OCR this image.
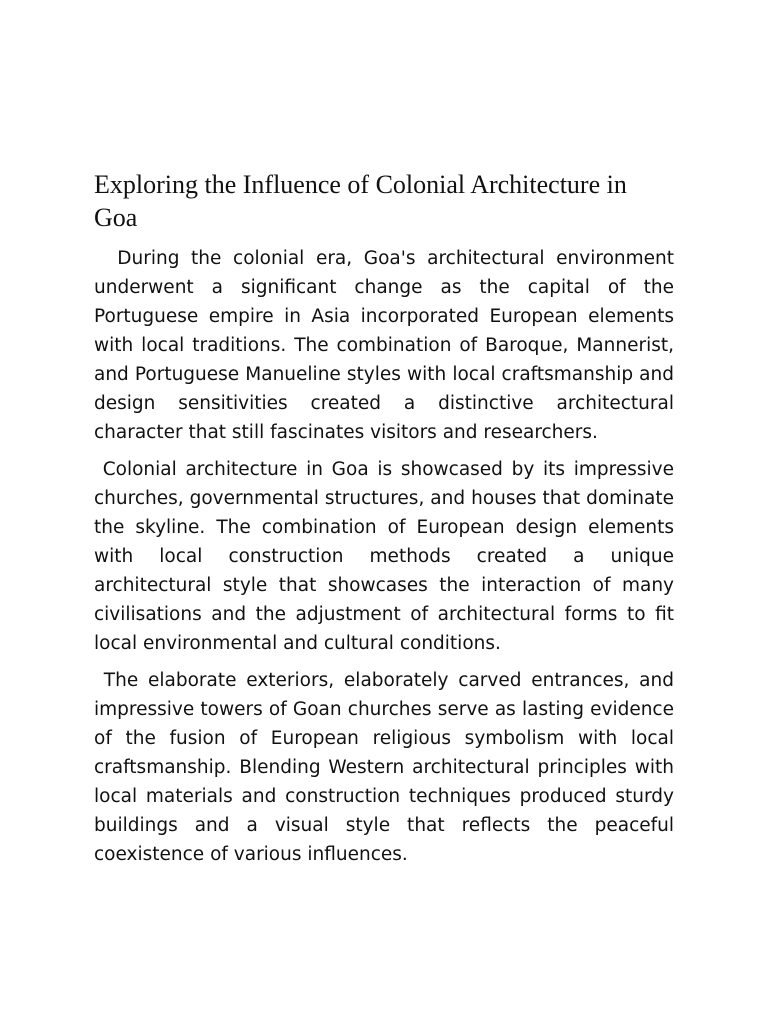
Exploring the Influence of Colonial Architecture in Goa

During the colonial era, Goa's architectural environment underwent a significant change as the capital of the Portuguese empire in Asia incorporated European elements with local traditions. The combination of Baroque, Mannerist, and Portuguese Manueline styles with local craftsmanship and design sensitivities created a distinctive architectural character that still fascinates visitors and researchers.

Colonial architecture in Goa is showcased by its impressive churches, governmental structures, and houses that dominate the skyline. The combination of European design elements with local construction methods created a unique architectural style that showcases the interaction of many civilisations and the adjustment of architectural forms to fit local environmental and cultural conditions.

The elaborate exteriors, elaborately carved entrances, and impressive towers of Goan churches serve as lasting evidence of the fusion of European religious symbolism with local craftsmanship. Blending Western architectural principles with local materials and construction techniques produced sturdy buildings and a visual style that reflects the peaceful coexistence of various influences.
